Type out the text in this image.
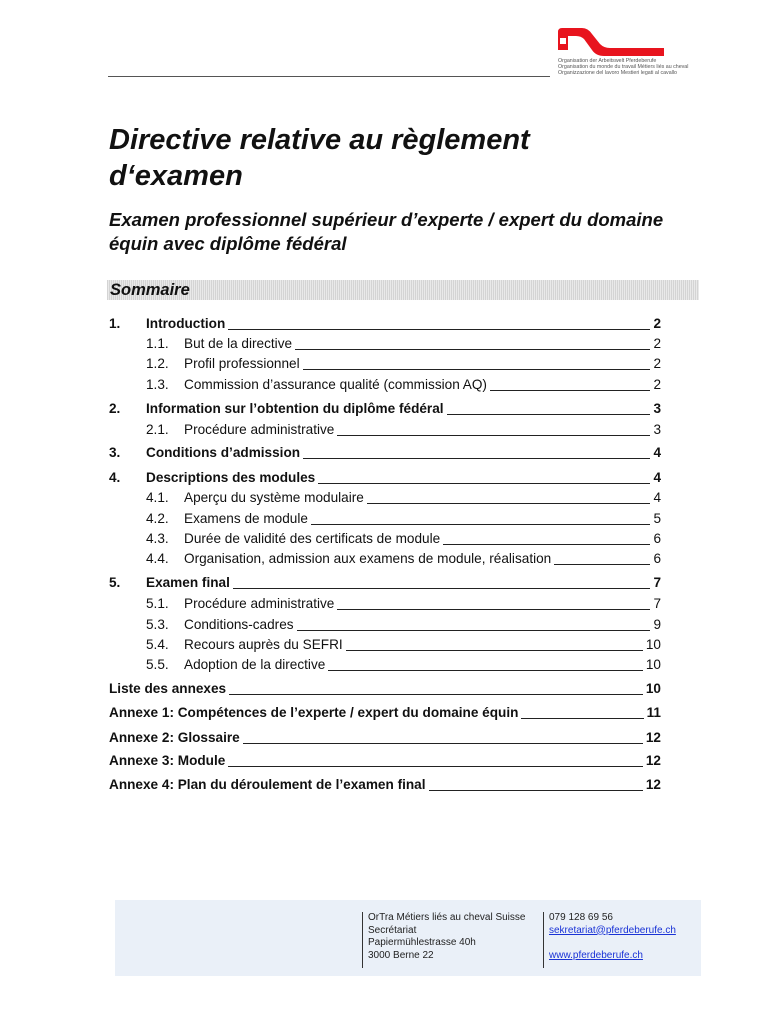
Organisation der Arbeitswelt Pferdeberufe
Organisation du monde du travail Métiers liés au cheval
Organizzazione del lavoro Mestieri legati al cavallo
Directive relative au règlement d‘examen
Examen professionnel supérieur d’experte / expert du domaine équin avec diplôme fédéral
Sommaire
1.	Introduction	2
1.1.	But de la directive	2
1.2.	Profil professionnel	2
1.3.	Commission d’assurance qualité (commission AQ)	2
2.	Information sur l’obtention du diplôme fédéral	3
2.1.	Procédure administrative	3
3.	Conditions d’admission	4
4.	Descriptions des modules	4
4.1.	Aperçu du système modulaire	4
4.2.	Examens de module	5
4.3.	Durée de validité des certificats de module	6
4.4.	Organisation, admission aux examens de module, réalisation	6
5.	Examen final	7
5.1.	Procédure administrative	7
5.3.	Conditions-cadres	9
5.4.	Recours auprès du SEFRI	10
5.5.	Adoption de la directive	10
Liste des annexes	10
Annexe 1: Compétences de l’experte / expert du domaine équin	11
Annexe 2: Glossaire	12
Annexe 3: Module	12
Annexe 4: Plan du déroulement de l’examen final	12
OrTra Métiers liés au cheval Suisse
Secrétariat
Papiermühlestrasse 40h
3000 Berne 22
079 128 69 56
sekretariat@pferdeberufe.ch

www.pferdeberufe.ch
